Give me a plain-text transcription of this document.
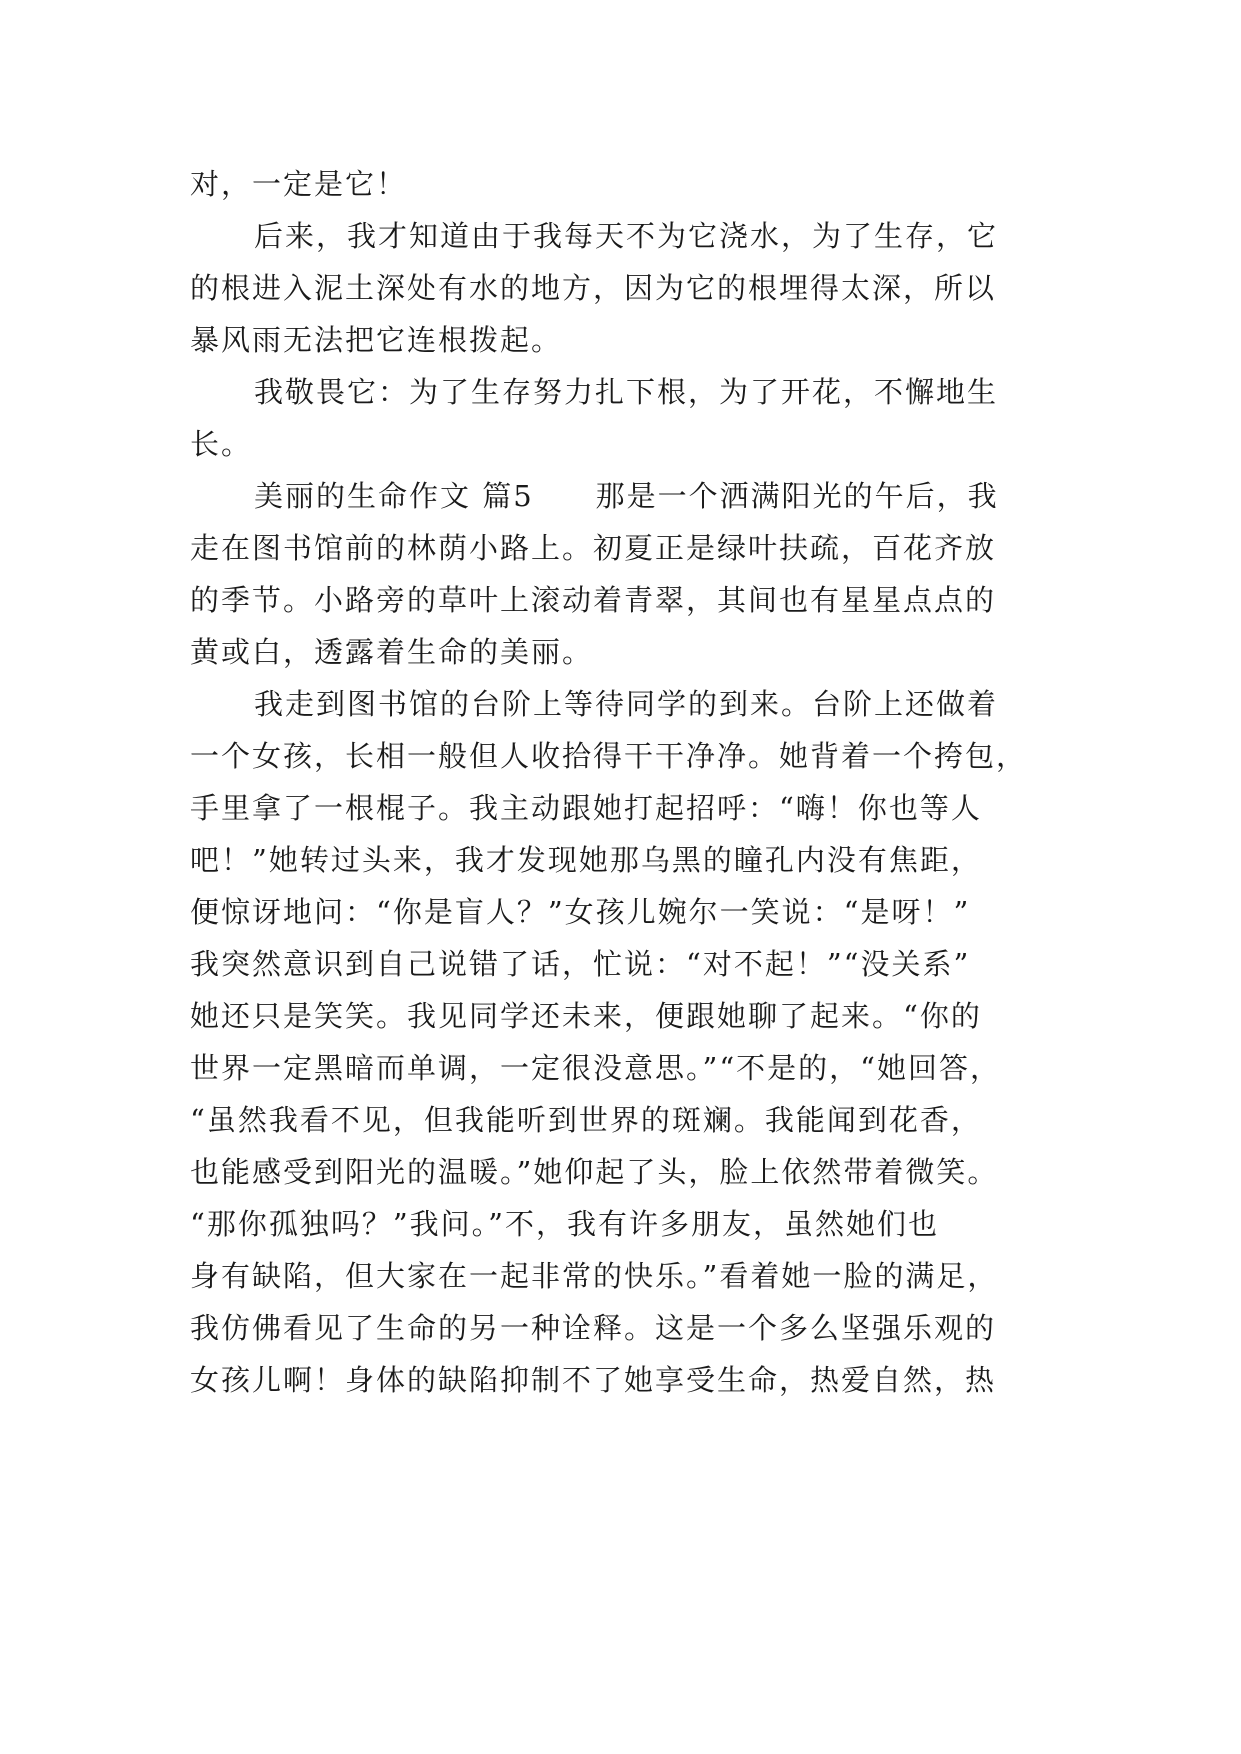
对，一定是它！
后来，我才知道由于我每天不为它浇水，为了生存，它
的根进入泥土深处有水的地方，因为它的根埋得太深，所以
暴风雨无法把它连根拨起。
我敬畏它：为了生存努力扎下根，为了开花，不懈地生
长。
美丽的生命作文 篇5　　那是一个洒满阳光的午后，我
走在图书馆前的林荫小路上。初夏正是绿叶扶疏，百花齐放
的季节。小路旁的草叶上滚动着青翠，其间也有星星点点的
黄或白，透露着生命的美丽。
我走到图书馆的台阶上等待同学的到来。台阶上还做着
一个女孩，长相一般但人收拾得干干净净。她背着一个挎包，
手里拿了一根棍子。我主动跟她打起招呼：“嗨！你也等人
吧！”她转过头来，我才发现她那乌黑的瞳孔内没有焦距，
便惊讶地问：“你是盲人？”女孩儿婉尔一笑说：“是呀！”
我突然意识到自己说错了话，忙说：“对不起！”“没关系”
她还只是笑笑。我见同学还未来，便跟她聊了起来。“你的
世界一定黑暗而单调，一定很没意思。”“不是的，“她回答，
“虽然我看不见，但我能听到世界的斑斓。我能闻到花香，
也能感受到阳光的温暖。”她仰起了头，脸上依然带着微笑。
“那你孤独吗？”我问。”不，我有许多朋友，虽然她们也
身有缺陷，但大家在一起非常的快乐。”看着她一脸的满足，
我仿佛看见了生命的另一种诠释。这是一个多么坚强乐观的
女孩儿啊！身体的缺陷抑制不了她享受生命，热爱自然，热
